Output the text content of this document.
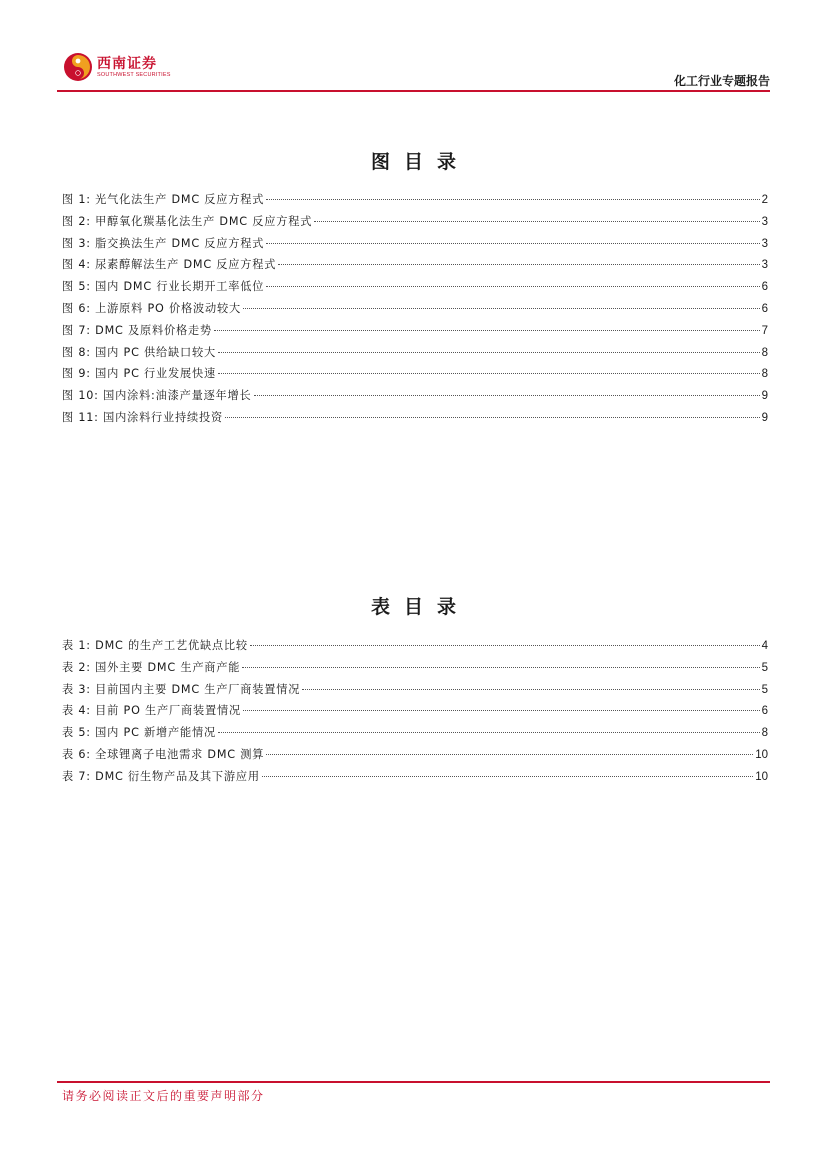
西南证券
SOUTHWEST SECURITIES	化工行业专题报告
图目录
图 1: 光气化法生产 DMC 反应方程式	2
图 2: 甲醇氧化羰基化法生产 DMC 反应方程式	3
图 3: 脂交换法生产 DMC 反应方程式	3
图 4: 尿素醇解法生产 DMC 反应方程式	3
图 5: 国内 DMC 行业长期开工率低位	6
图 6: 上游原料 PO 价格波动较大	6
图 7: DMC 及原料价格走势	7
图 8: 国内 PC 供给缺口较大	8
图 9: 国内 PC 行业发展快速	8
图 10: 国内涂料:油漆产量逐年增长	9
图 11: 国内涂料行业持续投资	9
表目录
表 1: DMC 的生产工艺优缺点比较	4
表 2: 国外主要 DMC 生产商产能	5
表 3: 目前国内主要 DMC 生产厂商装置情况	5
表 4: 目前 PO 生产厂商装置情况	6
表 5: 国内 PC 新增产能情况	8
表 6: 全球锂离子电池需求 DMC 测算	10
表 7: DMC 衍生物产品及其下游应用	10
请务必阅读正文后的重要声明部分
